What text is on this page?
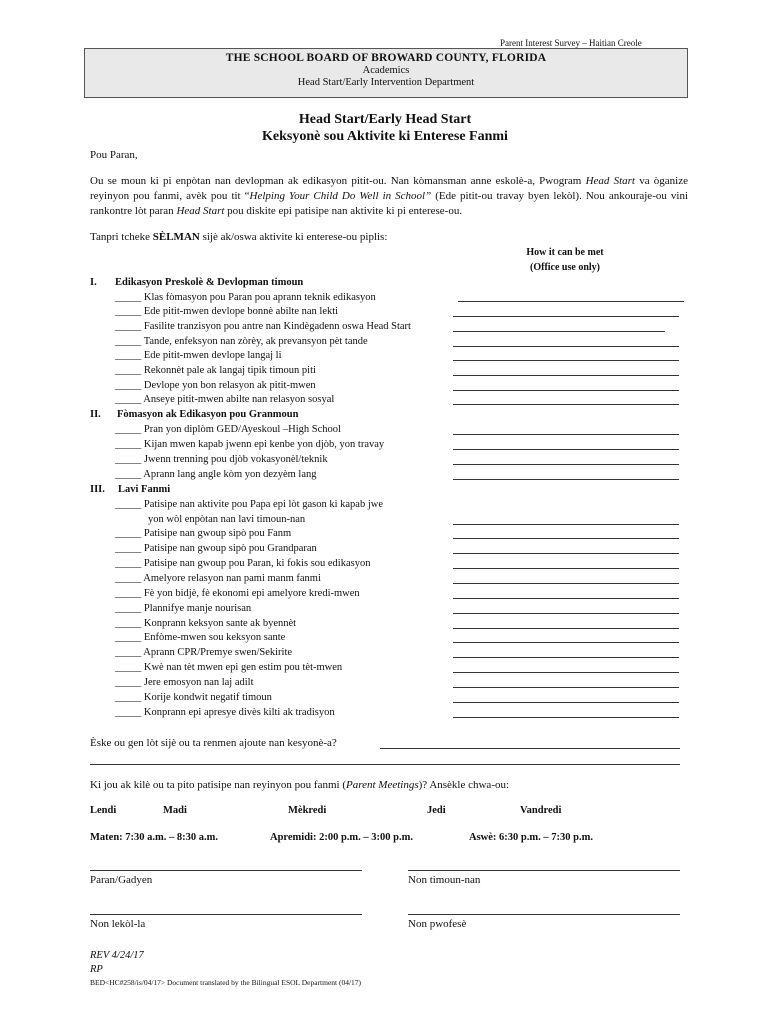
Parent Interest Survey – Haitian Creole
THE SCHOOL BOARD OF BROWARD COUNTY, FLORIDA
Academics
Head Start/Early Intervention Department
Head Start/Early Head Start
Keksyonè sou Aktivite ki Enterese Fanmi
Pou Paran,
Ou se moun ki pi enpòtan nan devlopman ak edikasyon pitit-ou. Nan kòmansman anne eskolè-a, Pwogram Head Start va òganize reyinyon pou fanmi, avèk pou tit “Helping Your Child Do Well in School” (Ede pitit-ou travay byen lekòl). Nou ankouraje-ou vini rankontre lòt paran Head Start pou diskite epi patisipe nan aktivite ki pi enterese-ou.
Tanpri tcheke SÈLMAN sijè ak/oswa aktivite ki enterese-ou piplis:
How it can be met
(Office use only)
I. Edikasyon Preskolè & Devlopman timoun
_____ Klas fòmasyon pou Paran pou aprann teknik edikasyon
_____ Ede pitit-mwen devlope bonnè abilte nan lekti
_____ Fasilite tranzisyon pou antre nan Kindègadenn oswa Head Start
_____ Tande, enfeksyon nan zòrèy, ak prevansyon pèt tande
_____ Ede pitit-mwen devlope langaj li
_____ Rekonnèt pale ak langaj tipik timoun piti
_____ Devlope yon bon relasyon ak pitit-mwen
_____ Anseye pitit-mwen abilte nan relasyon sosyal
II. Fòmasyon ak Edikasyon pou Granmoun
_____ Pran yon diplòm GED/Ayeskoul –High School
_____ Kijan mwen kapab jwenn epi kenbe yon djòb, yon travay
_____ Jwenn trenning pou djòb vokasyonèl/teknik
_____ Aprann lang angle kòm yon dezyèm lang
III. Lavi Fanmi
_____ Patisipe nan aktivite pou Papa epi lòt gason ki kapab jwe
yon wòl enpòtan nan lavi timoun-nan
_____ Patisipe nan gwoup sipò pou Fanm
_____ Patisipe nan gwoup sipò pou Grandparan
_____ Patisipe nan gwoup pou Paran, ki fokis sou edikasyon
_____ Amelyore relasyon nan pami manm fanmi
_____ Fè yon bidjè, fè ekonomi epi amelyore kredi-mwen
_____ Plannifye manje nourisan
_____ Konprann keksyon sante ak byennèt
_____ Enfòme-mwen sou keksyon sante
_____ Aprann CPR/Premye swen/Sekirite
_____ Kwè nan tèt mwen epi gen estim pou tèt-mwen
_____ Jere emosyon nan laj adilt
_____ Korije kondwit negatif timoun
_____ Konprann epi apresye divès kilti ak tradisyon
Èske ou gen lòt sijè ou ta renmen ajoute nan kesyonè-a?
Ki jou ak kilè ou ta pito patisipe nan reyinyon pou fanmi (Parent Meetings)? Ansèkle chwa-ou:
Lendi	Madi	Mèkredi	Jedi	Vandredi
Maten: 7:30 a.m. – 8:30 a.m.	Apremidi: 2:00 p.m. – 3:00 p.m.	Aswè: 6:30 p.m. – 7:30 p.m.
Paran/Gadyen	Non timoun-nan
Non lekòl-la	Non pwofesè
REV 4/24/17
RP
BED<HC#258/is/04/17> Document translated by the Bilingual ESOL Department (04/17)
